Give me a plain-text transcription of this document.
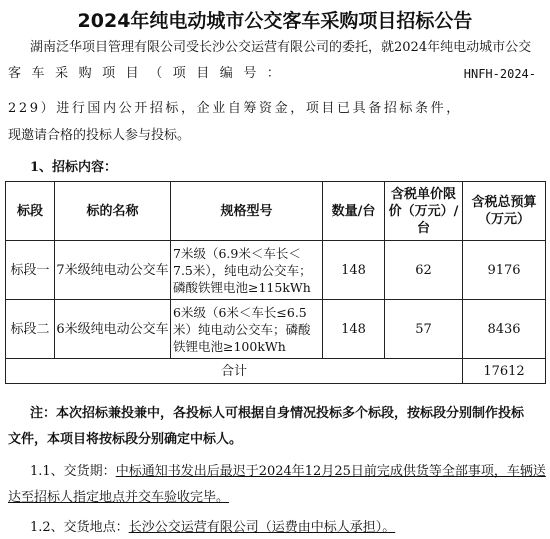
2024年纯电动城市公交客车采购项目招标公告
湖南泛华项目管理有限公司受长沙公交运营有限公司的委托，就2024年纯电动城市公交
客 车 采 购 项 目 （ 项 目 编 号 ：	HNFH-2024-
229）进行国内公开招标，企业自筹资金，项目已具备招标条件，
现邀请合格的投标人参与投标。
1、招标内容：
标段	标的名称	规格型号	数量/台	含税单价限价（万元）/台	含税总预算（万元）
标段一	7米级纯电动公交车	7米级（6.9米＜车长＜7.5米），纯电动公交车；磷酸铁锂电池≥115kWh	148	62	9176
标段二	6米级纯电动公交车	6米级（6米＜车长≤6.5米）纯电动公交车；磷酸铁锂电池≥100kWh	148	57	8436
合计					17612
注：本次招标兼投兼中，各投标人可根据自身情况投标多个标段，按标段分别制作投标
文件，本项目将按标段分别确定中标人。
1.1、交货期：中标通知书发出后最迟于2024年12月25日前完成供货等全部事项，车辆送
达至招标人指定地点并交车验收完毕。
1.2、交货地点：长沙公交运营有限公司（运费由中标人承担）。
